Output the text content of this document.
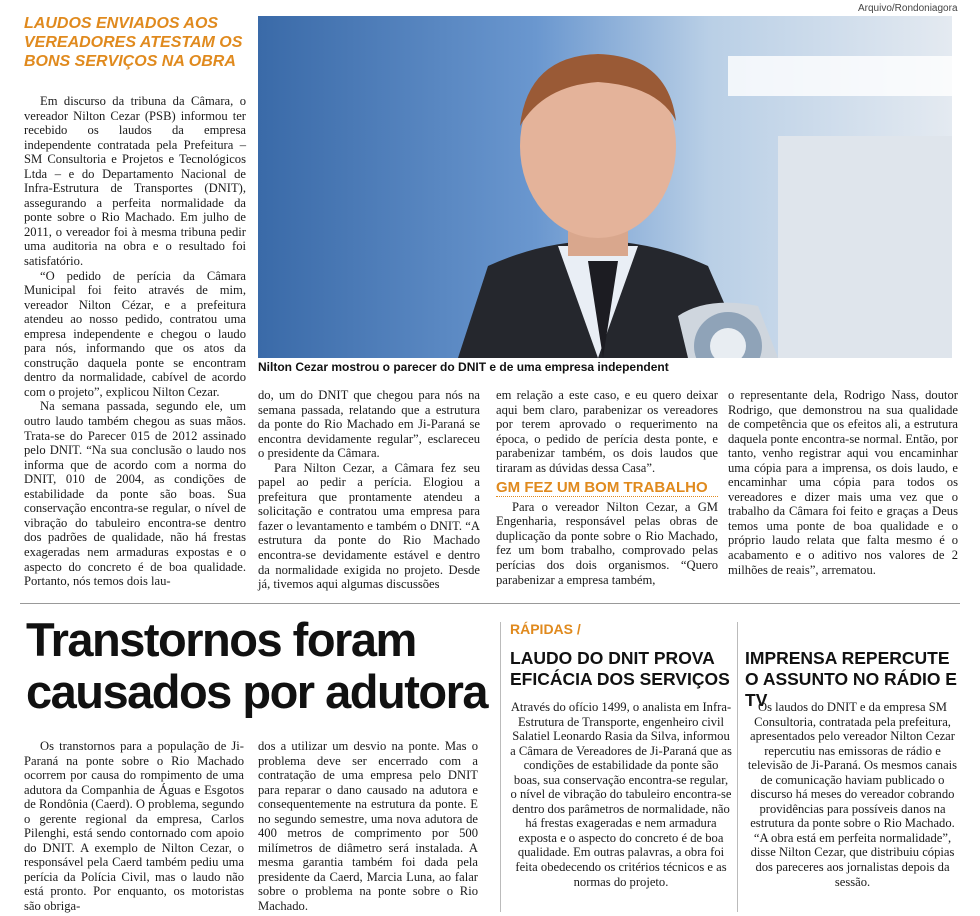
LAUDOS ENVIADOS AOS VEREADORES ATESTAM OS BONS SERVIÇOS NA OBRA

Em discurso da tribuna da Câmara, o vereador Nilton Cezar (PSB) informou ter recebido os laudos da empresa independente contratada pela Prefeitura – SM Consultoria e Projetos e Tecnológicos Ltda – e do Departamento Nacional de Infra-Estrutura de Transportes (DNIT), assegurando a perfeita normalidade da ponte sobre o Rio Machado. Em julho de 2011, o vereador foi à mesma tribuna pedir uma auditoria na obra e o resultado foi satisfatório.

“O pedido de perícia da Câmara Municipal foi feito através de mim, vereador Nilton Cézar, e a prefeitura atendeu ao nosso pedido, contratou uma empresa independente e chegou o laudo para nós, informando que os atos da construção daquela ponte se encontram dentro da normalidade, cabível de acordo com o projeto”, explicou Nilton Cezar.

Na semana passada, segundo ele, um outro laudo também chegou as suas mãos. Trata-se do Parecer 015 de 2012 assinado pelo DNIT. “Na sua conclusão o laudo nos informa que de acordo com a norma do DNIT, 010 de 2004, as condições de estabilidade da ponte são boas. Sua conservação encontra-se regular, o nível de vibração do tabuleiro encontra-se dentro dos padrões de qualidade, não há frestas exageradas nem armaduras expostas e o aspecto do concreto é de boa qualidade. Portanto, nós temos dois lau-

Arquivo/Rondoniagora
Nilton Cezar mostrou o parecer do DNIT e de uma empresa independent

do, um do DNIT que chegou para nós na semana passada, relatando que a estrutura da ponte do Rio Machado em Ji-Paraná se encontra devidamente regular”, esclareceu o presidente da Câmara.

Para Nilton Cezar, a Câmara fez seu papel ao pedir a perícia. Elogiou a prefeitura que prontamente atendeu a solicitação e contratou uma empresa para fazer o levantamento e também o DNIT. “A estrutura da ponte do Rio Machado encontra-se devidamente estável e dentro da normalidade exigida no projeto. Desde já, tivemos aqui algumas discussões

em relação a este caso, e eu quero deixar aqui bem claro, parabenizar os vereadores por terem aprovado o requerimento na época, o pedido de perícia desta ponte, e parabenizar também, os dois laudos que tiraram as dúvidas dessa Casa”.

GM FEZ UM BOM TRABALHO

Para o vereador Nilton Cezar, a GM Engenharia, responsável pelas obras de duplicação da ponte sobre o Rio Machado, fez um bom trabalho, comprovado pelas perícias dos dois organismos. “Quero parabenizar a empresa também,

o representante dela, Rodrigo Nass, doutor Rodrigo, que demonstrou na sua qualidade de competência que os efeitos ali, a estrutura daquela ponte encontra-se normal. Então, por tanto, venho registrar aqui vou encaminhar uma cópia para a imprensa, os dois laudo, e encaminhar uma cópia para todos os vereadores e dizer mais uma vez que o trabalho da Câmara foi feito e graças a Deus temos uma ponte de boa qualidade e o próprio laudo relata que falta mesmo é o acabamento e o aditivo nos valores de 2 milhões de reais”, arrematou.

Transtornos foram causados por adutora

Os transtornos para a população de Ji-Paraná na ponte sobre o Rio Machado ocorrem por causa do rompimento de uma adutora da Companhia de Águas e Esgotos de Rondônia (Caerd). O problema, segundo o gerente regional da empresa, Carlos Pilenghi, está sendo contornado com apoio do DNIT. A exemplo de Nilton Cezar, o responsável pela Caerd também pediu uma perícia da Polícia Civil, mas o laudo não está pronto. Por enquanto, os motoristas são obriga-

dos a utilizar um desvio na ponte. Mas o problema deve ser encerrado com a contratação de uma empresa pelo DNIT para reparar o dano causado na adutora e consequentemente na estrutura da ponte. E no segundo semestre, uma nova adutora de 400 metros de comprimento por 500 milímetros de diâmetro será instalada. A mesma garantia também foi dada pela presidente da Caerd, Marcia Luna, ao falar sobre o problema na ponte sobre o Rio Machado.

RÁPIDAS /
LAUDO DO DNIT PROVA EFICÁCIA DOS SERVIÇOS

Através do ofício 1499, o analista em Infra-Estrutura de Transporte, engenheiro civil Salatiel Leonardo Rasia da Silva, informou a Câmara de Vereadores de Ji-Paraná que as condições de estabilidade da ponte são boas, sua conservação encontra-se regular, o nível de vibração do tabuleiro encontra-se dentro dos parâmetros de normalidade, não há frestas exageradas e nem armadura exposta e o aspecto do concreto é de boa qualidade. Em outras palavras, a obra foi feita obedecendo os critérios técnicos e as normas do projeto.

IMPRENSA REPERCUTE O ASSUNTO NO RÁDIO E TV

Os laudos do DNIT e da empresa SM Consultoria, contratada pela prefeitura, apresentados pelo vereador Nilton Cezar repercutiu nas emissoras de rádio e televisão de Ji-Paraná. Os mesmos canais de comunicação haviam publicado o discurso há meses do vereador cobrando providências para possíveis danos na estrutura da ponte sobre o Rio Machado. “A obra está em perfeita normalidade”, disse Nilton Cezar, que distribuiu cópias dos pareceres aos jornalistas depois da sessão.
